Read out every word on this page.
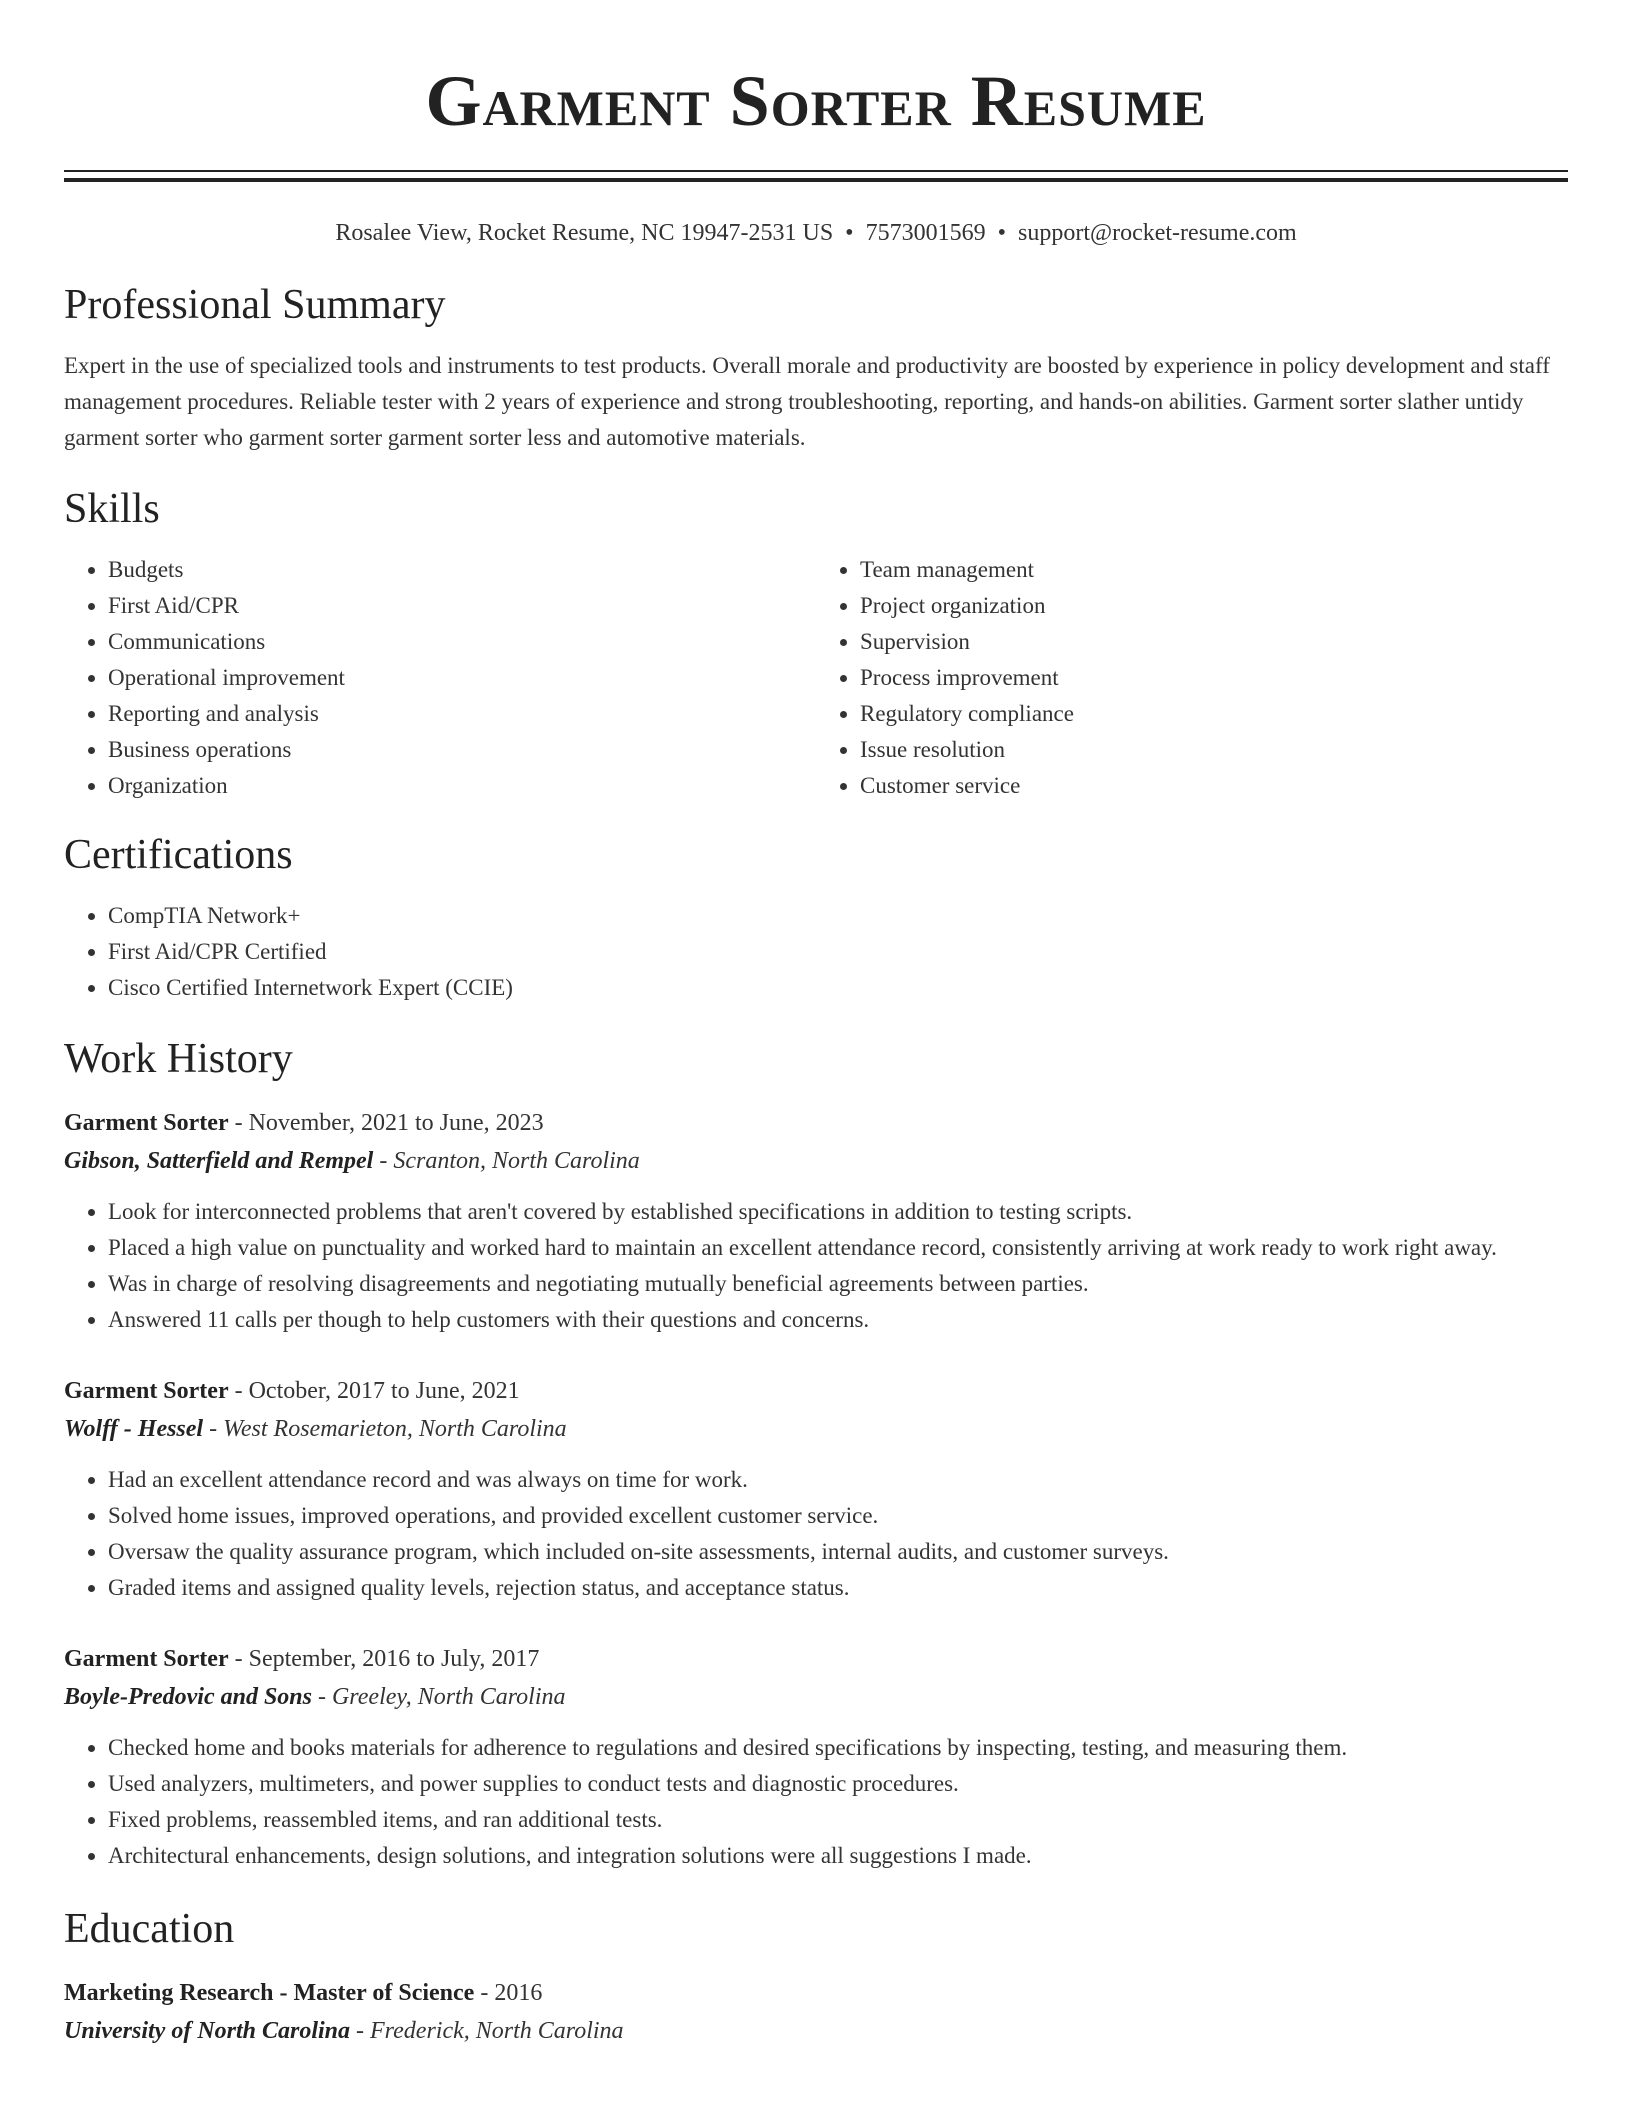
Garment Sorter Resume
Rosalee View, Rocket Resume, NC 19947-2531 US • 7573001569 • support@rocket-resume.com
Professional Summary

Expert in the use of specialized tools and instruments to test products. Overall morale and productivity are boosted by experience in policy development and staff management procedures. Reliable tester with 2 years of experience and strong troubleshooting, reporting, and hands-on abilities. Garment sorter slather untidy garment sorter who garment sorter garment sorter less and automotive materials.

Skills
• Budgets
• First Aid/CPR
• Communications
• Operational improvement
• Reporting and analysis
• Business operations
• Organization
• Team management
• Project organization
• Supervision
• Process improvement
• Regulatory compliance
• Issue resolution
• Customer service
Certifications
• CompTIA Network+
• First Aid/CPR Certified
• Cisco Certified Internetwork Expert (CCIE)
Work History
Garment Sorter - November, 2021 to June, 2023
Gibson, Satterfield and Rempel - Scranton, North Carolina
• Look for interconnected problems that aren't covered by established specifications in addition to testing scripts.
• Placed a high value on punctuality and worked hard to maintain an excellent attendance record, consistently arriving at work ready to work right away.
• Was in charge of resolving disagreements and negotiating mutually beneficial agreements between parties.
• Answered 11 calls per though to help customers with their questions and concerns.
Garment Sorter - October, 2017 to June, 2021
Wolff - Hessel - West Rosemarieton, North Carolina
• Had an excellent attendance record and was always on time for work.
• Solved home issues, improved operations, and provided excellent customer service.
• Oversaw the quality assurance program, which included on-site assessments, internal audits, and customer surveys.
• Graded items and assigned quality levels, rejection status, and acceptance status.
Garment Sorter - September, 2016 to July, 2017
Boyle-Predovic and Sons - Greeley, North Carolina
• Checked home and books materials for adherence to regulations and desired specifications by inspecting, testing, and measuring them.
• Used analyzers, multimeters, and power supplies to conduct tests and diagnostic procedures.
• Fixed problems, reassembled items, and ran additional tests.
• Architectural enhancements, design solutions, and integration solutions were all suggestions I made.
Education
Marketing Research - Master of Science - 2016
University of North Carolina - Frederick, North Carolina
